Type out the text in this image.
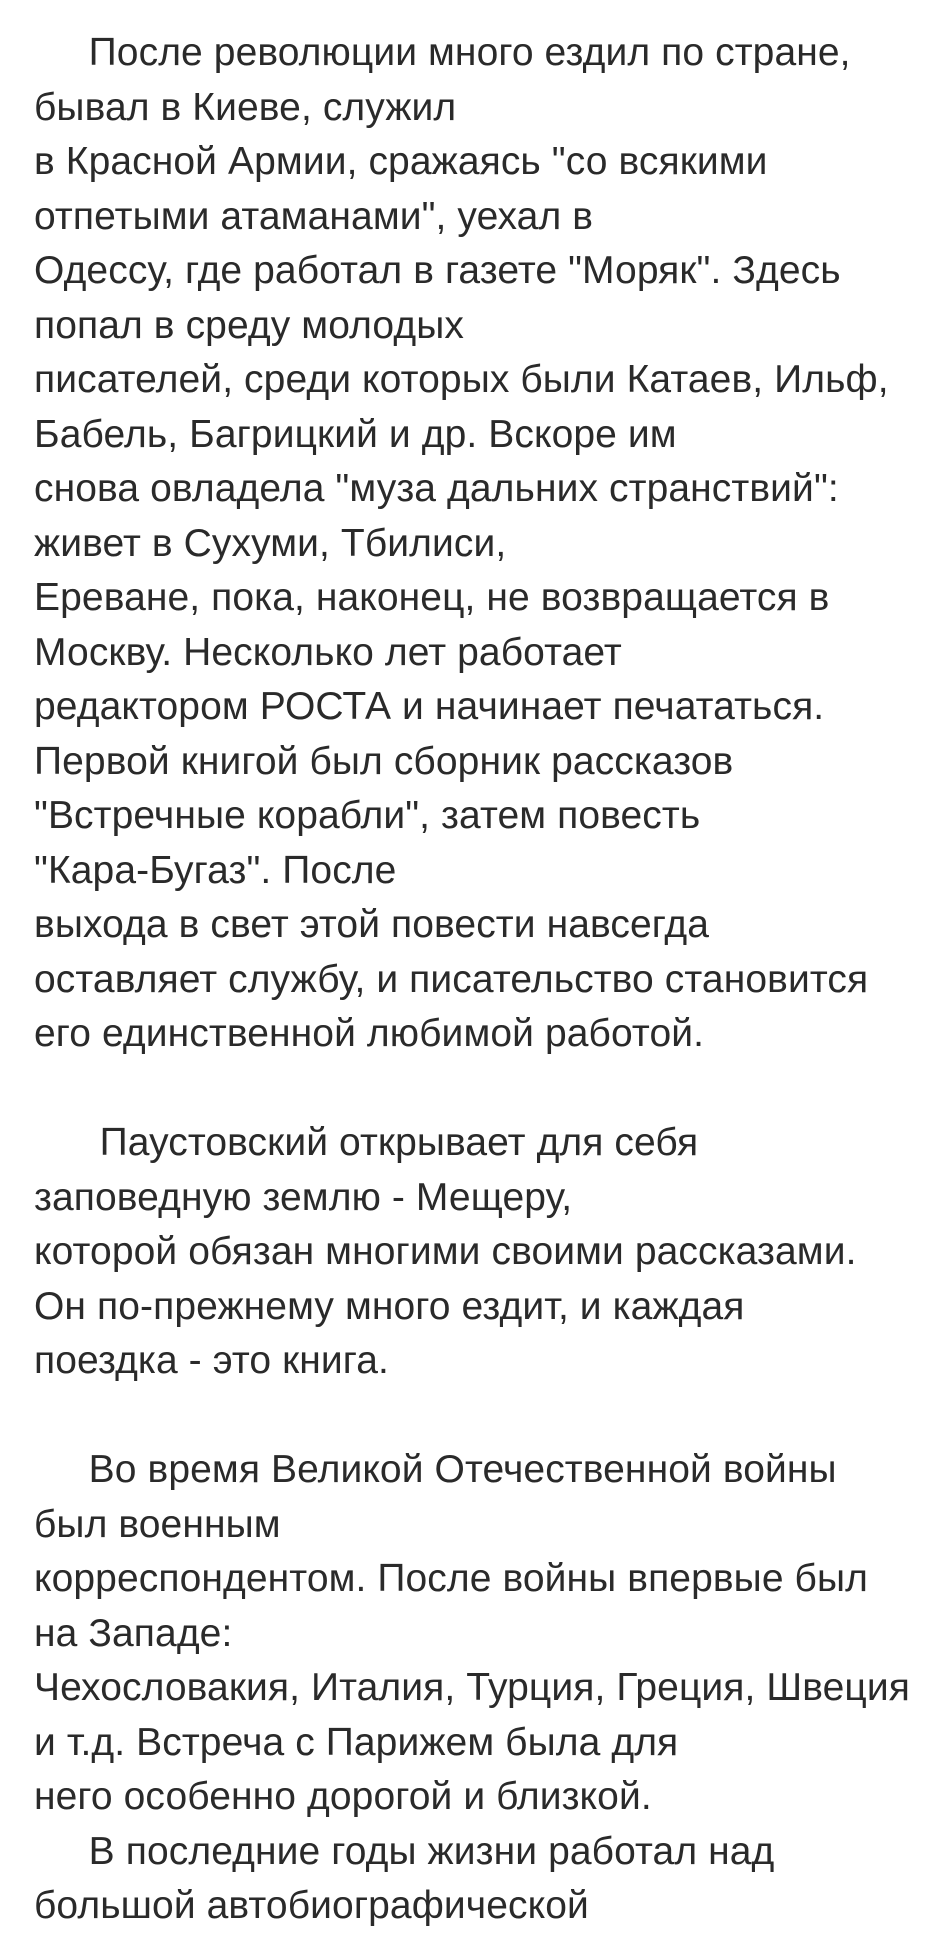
После революции много ездил по стране,
бывал в Киеве, служил
в Красной Армии, сражаясь "со всякими
отпетыми атаманами", уехал в
Одессу, где работал в газете "Моряк". Здесь
попал в среду молодых
писателей, среди которых были Катаев, Ильф,
Бабель, Багрицкий и др. Вскоре им
снова овладела "муза дальних странствий":
живет в Сухуми, Тбилиси,
Ереване, пока, наконец, не возвращается в
Москву. Несколько лет работает
редактором РОСТА и начинает печататься.
Первой книгой был сборник рассказов
"Встречные корабли", затем повесть
"Кара-Бугаз". После
выхода в свет этой повести навсегда
оставляет службу, и писательство становится
его единственной любимой работой.
Паустовский открывает для себя
заповедную землю - Мещеру,
которой обязан многими своими рассказами.
Он по-прежнему много ездит, и каждая
поездка - это книга.
Во время Великой Отечественной войны
был военным
корреспондентом. После войны впервые был
на Западе:
Чехословакия, Италия, Турция, Греция, Швеция
и т.д. Встреча с Парижем была для
него особенно дорогой и близкой.
В последние годы жизни работал над
большой автобиографической
